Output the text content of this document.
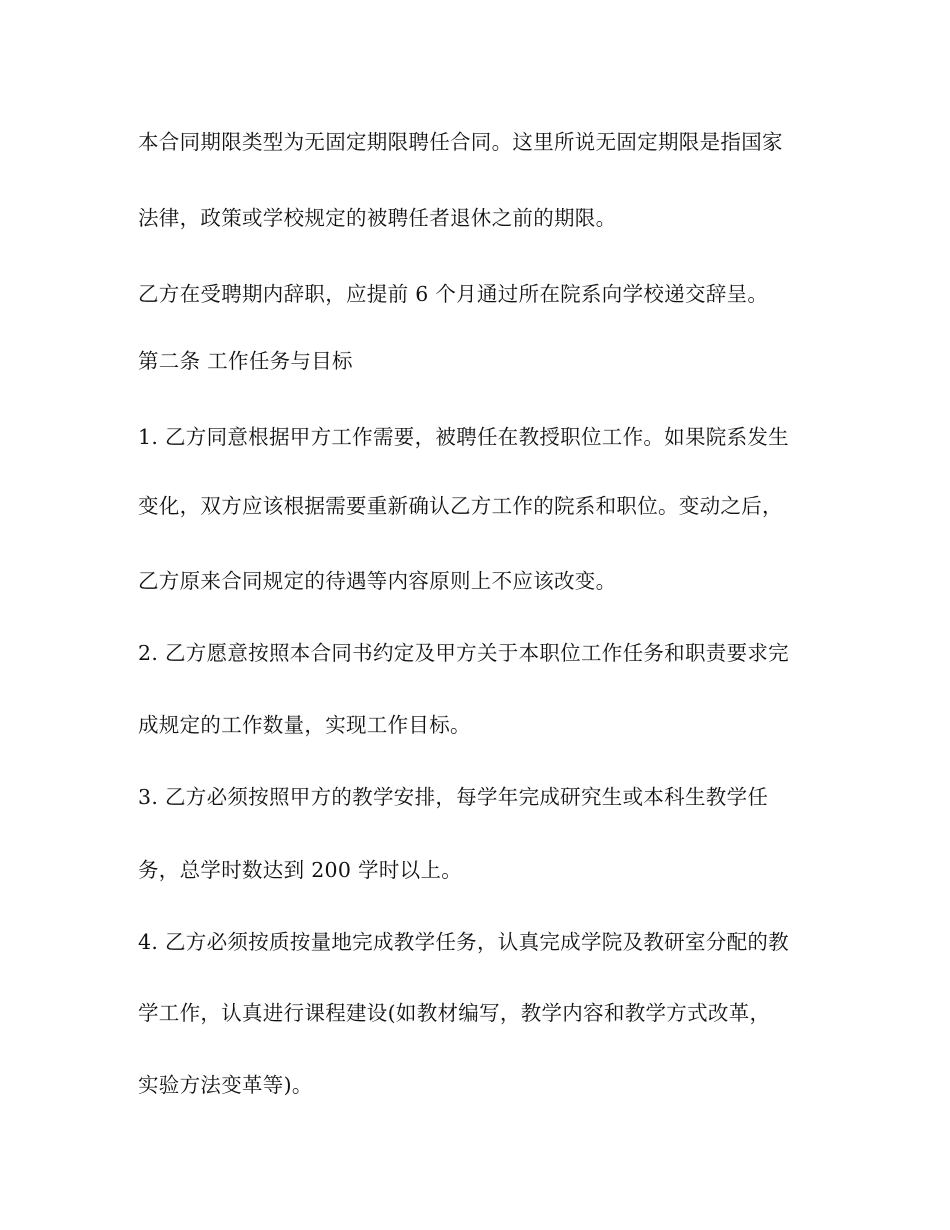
本合同期限类型为无固定期限聘任合同。这里所说无固定期限是指国家
法律，政策或学校规定的被聘任者退休之前的期限。
乙方在受聘期内辞职，应提前 6 个月通过所在院系向学校递交辞呈。
第二条 工作任务与目标
1. 乙方同意根据甲方工作需要，被聘任在教授职位工作。如果院系发生
变化，双方应该根据需要重新确认乙方工作的院系和职位。变动之后，
乙方原来合同规定的待遇等内容原则上不应该改变。
2. 乙方愿意按照本合同书约定及甲方关于本职位工作任务和职责要求完
成规定的工作数量，实现工作目标。
3. 乙方必须按照甲方的教学安排，每学年完成研究生或本科生教学任
务，总学时数达到 200 学时以上。
4. 乙方必须按质按量地完成教学任务，认真完成学院及教研室分配的教
学工作，认真进行课程建设(如教材编写，教学内容和教学方式改革，
实验方法变革等)。
